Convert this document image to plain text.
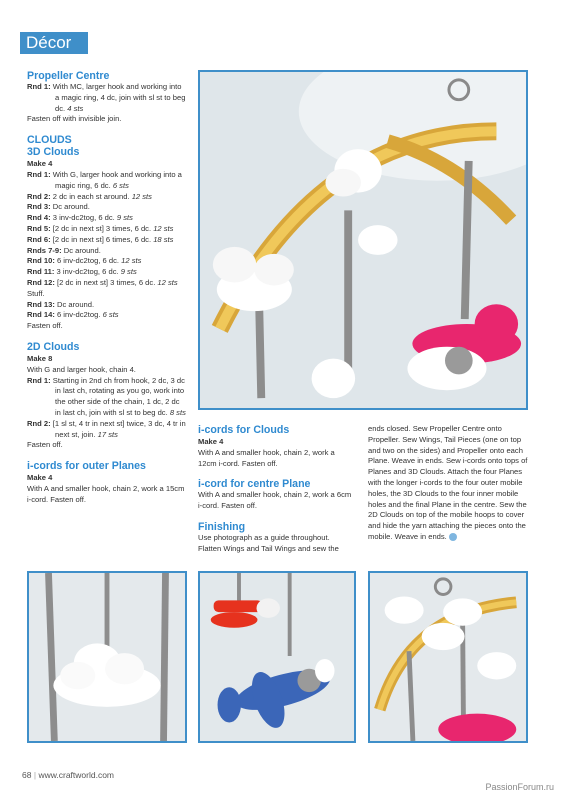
Décor
Propeller Centre

Rnd 1: With MC, larger hook and working into a magic ring, 4 dc, join with sl st to beg dc. 4 sts

Fasten off with invisible join.

CLOUDS
3D Clouds

Make 4

Rnd 1: With G, larger hook and working into a magic ring, 6 dc. 6 sts

Rnd 2: 2 dc in each st around. 12 sts

Rnd 3: Dc around.

Rnd 4: 3 inv-dc2tog, 6 dc. 9 sts

Rnd 5: [2 dc in next st] 3 times, 6 dc. 12 sts

Rnd 6: [2 dc in next st] 6 times, 6 dc. 18 sts

Rnds 7-9: Dc around.

Rnd 10: 6 inv-dc2tog, 6 dc. 12 sts

Rnd 11: 3 inv-dc2tog, 6 dc. 9 sts

Rnd 12: [2 dc in next st] 3 times, 6 dc. 12 sts

Stuff.

Rnd 13: Dc around.

Rnd 14: 6 inv-dc2tog. 6 sts

Fasten off.

2D Clouds

Make 8

With G and larger hook, chain 4.

Rnd 1: Starting in 2nd ch from hook, 2 dc, 3 dc in last ch, rotating as you go, work into the other side of the chain, 1 dc, 2 dc in last ch, join with sl st to beg dc. 8 sts

Rnd 2: [1 sl st, 4 tr in next st] twice, 3 dc, 4 tr in next st, join. 17 sts

Fasten off.

i-cords for outer Planes

Make 4

With A and smaller hook, chain 2, work a 15cm i-cord. Fasten off.

i-cords for Clouds

Make 4

With A and smaller hook, chain 2, work a 12cm i-cord. Fasten off.

i-cord for centre Plane

With A and smaller hook, chain 2, work a 6cm i-cord. Fasten off.

Finishing

Use photograph as a guide throughout. Flatten Wings and Tail Wings and sew the

ends closed. Sew Propeller Centre onto Propeller. Sew Wings, Tail Pieces (one on top and two on the sides) and Propeller onto each Plane. Weave in ends. Sew i-cords onto tops of Planes and 3D Clouds. Attach the four Planes with the longer i-cords to the four outer mobile holes, the 3D Clouds to the four inner mobile holes and the final Plane in the centre. Sew the 2D Clouds on top of the mobile hoops to cover and hide the yarn attaching the pieces onto the mobile. Weave in ends.

68 | www.craftworld.com
PassionForum.ru
